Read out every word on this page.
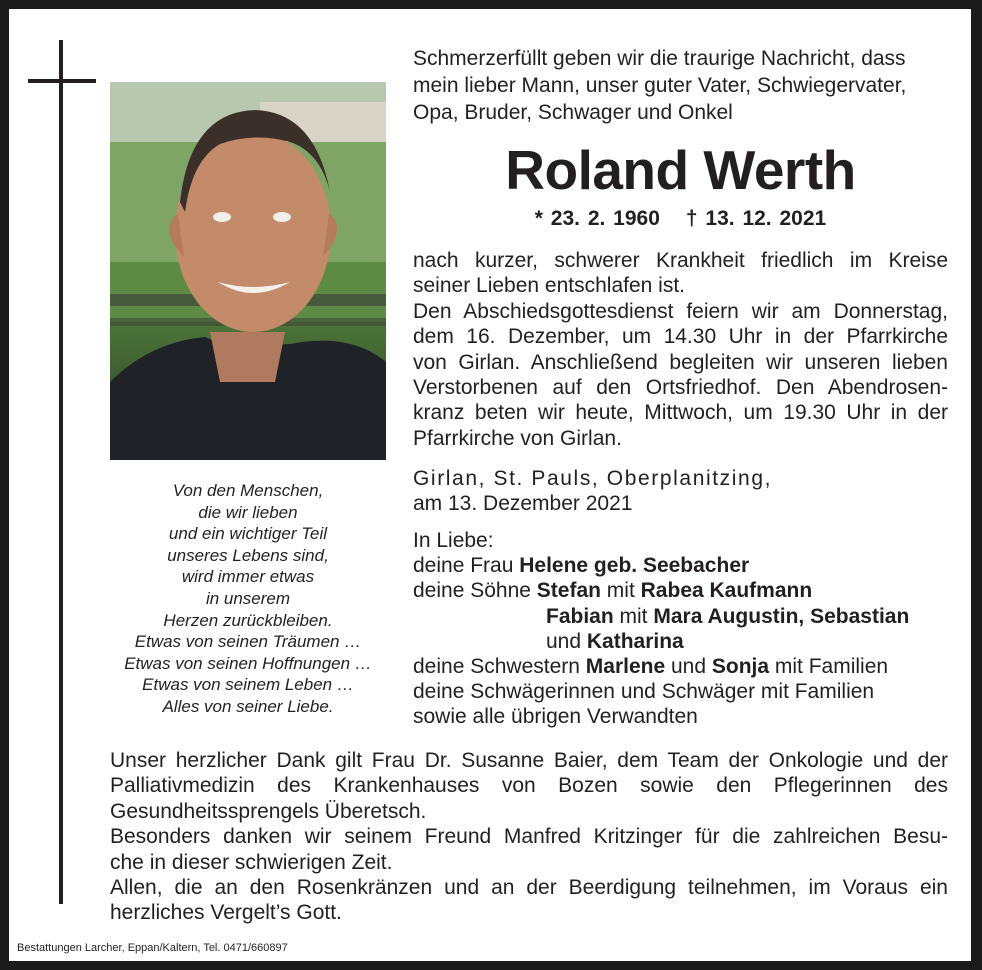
Von den Menschen,
die wir lieben
und ein wichtiger Teil
unseres Lebens sind,
wird immer etwas
in unserem
Herzen zurückbleiben.
Etwas von seinen Träumen …
Etwas von seinen Hoffnungen …
Etwas von seinem Leben …
Alles von seiner Liebe.
Schmerzerfüllt geben wir die traurige Nachricht, dass
mein lieber Mann, unser guter Vater, Schwiegervater,
Opa, Bruder, Schwager und Onkel
Roland Werth
* 23. 2. 1960 † 13. 12. 2021
nach kurzer, schwerer Krankheit friedlich im Kreise
seiner Lieben entschlafen ist.
Den Abschiedsgottesdienst feiern wir am Donnerstag,
dem 16. Dezember, um 14.30 Uhr in der Pfarrkirche
von Girlan. Anschließend begleiten wir unseren lieben
Verstorbenen auf den Ortsfriedhof. Den Abendrosen-
kranz beten wir heute, Mittwoch, um 19.30 Uhr in der
Pfarrkirche von Girlan.
Girlan, St. Pauls, Oberplanitzing,
am 13. Dezember 2021
In Liebe:
deine Frau Helene geb. Seebacher
deine Söhne Stefan mit Rabea Kaufmann
Fabian mit Mara Augustin, Sebastian
und Katharina
deine Schwestern Marlene und Sonja mit Familien
deine Schwägerinnen und Schwäger mit Familien
sowie alle übrigen Verwandten
Unser herzlicher Dank gilt Frau Dr. Susanne Baier, dem Team der Onkologie und der
Palliativmedizin des Krankenhauses von Bozen sowie den Pflegerinnen des
Gesundheitssprengels Überetsch.
Besonders danken wir seinem Freund Manfred Kritzinger für die zahlreichen Besu-
che in dieser schwierigen Zeit.
Allen, die an den Rosenkränzen und an der Beerdigung teilnehmen, im Voraus ein
herzliches Vergelt’s Gott.
Bestattungen Larcher, Eppan/Kaltern, Tel. 0471/660897
